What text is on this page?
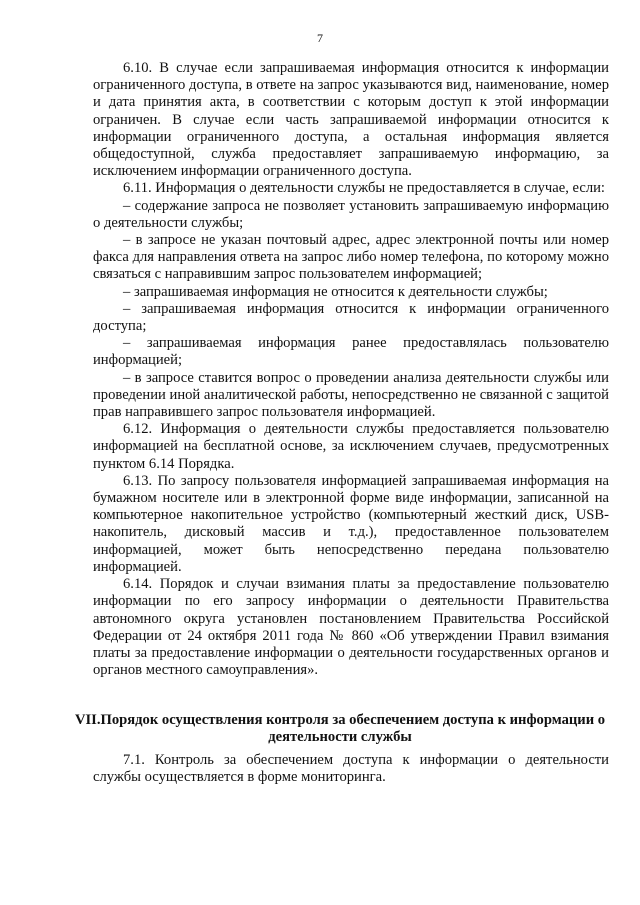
7

6.10. В случае если запрашиваемая информация относится к информации ограниченного доступа, в ответе на запрос указываются вид, наименование, номер и дата принятия акта, в соответствии с которым доступ к этой информации ограничен. В случае если часть запрашиваемой информации относится к информации ограниченного доступа, а остальная информация является общедоступной, служба предоставляет запрашиваемую информацию, за исключением информации ограниченного доступа.

6.11. Информация о деятельности службы не предоставляется в случае, если:

– содержание запроса не позволяет установить запрашиваемую информацию о деятельности службы;

– в запросе не указан почтовый адрес, адрес электронной почты или номер факса для направления ответа на запрос либо номер телефона, по которому можно связаться с направившим запрос пользователем информацией;

– запрашиваемая информация не относится к деятельности службы;

– запрашиваемая информация относится к информации ограниченного доступа;

– запрашиваемая информация ранее предоставлялась пользователю информацией;

– в запросе ставится вопрос о проведении анализа деятельности службы или проведении иной аналитической работы, непосредственно не связанной с защитой прав направившего запрос пользователя информацией.

6.12. Информация о деятельности службы предоставляется пользователю информацией на бесплатной основе, за исключением случаев, предусмотренных пунктом 6.14 Порядка.

6.13. По запросу пользователя информацией запрашиваемая информация на бумажном носителе или в электронной форме виде информации, записанной на компьютерное накопительное устройство (компьютерный жесткий диск, USB-накопитель, дисковый массив и т.д.), предоставленное пользователем информацией, может быть непосредственно передана пользователю информацией.

6.14. Порядок и случаи взимания платы за предоставление пользователю информации по его запросу информации о деятельности Правительства автономного округа установлен постановлением Правительства Российской Федерации от 24 октября 2011 года № 860 «Об утверждении Правил взимания платы за предоставление информации о деятельности государственных органов и органов местного самоуправления».

VII.Порядок осуществления контроля за обеспечением доступа к информации о деятельности службы

7.1. Контроль за обеспечением доступа к информации о деятельности службы осуществляется в форме мониторинга.
